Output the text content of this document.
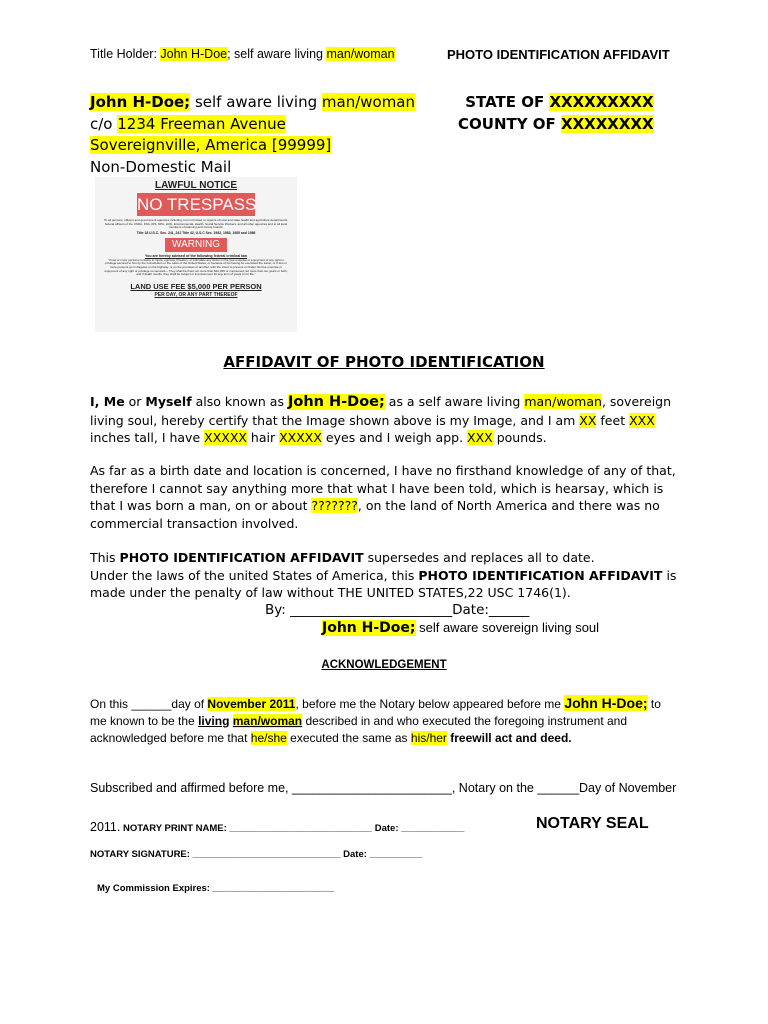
Title Holder: John H-Doe; self aware living man/woman	PHOTO IDENTIFICATION AFFIDAVIT
John H-Doe; self aware living man/woman
c/o 1234 Freeman Avenue
Sovereignville, America [99999]
Non-Domestic Mail
STATE OF XXXXXXXXX
COUNTY OF XXXXXXXX
LAWFUL NOTICE
NO TRESPASS
To all persons, officers and government agencies including, but not limited to: Agents of local and state health and agriculture departments, federal officers of the USDA, FDA, IRS, NPA, HUD, Environmental, Health, Social Service Workers, and all other agencies and to all local members of planning and zoning boards:
Title 18 U.S.C. Sec. 241, 242 Title 42, U.S.C Sec. 1982, 1983, 1985 and 1986
WARNING
You are hereby advised of the following federal criminal law
"If two or more persons conspire to injure, oppress, threaten, or intimidate any citizen in the free exercise or enjoyment of any right or privilege secured to him by the Constitution or the Laws of the United States, or because of his having so exercised the same; or If two or more persons go in disguise on the highway, or on the premises of another, with the intent to prevent or hinder his free exercise or enjoyment of any right or privilege so secured— They shall be fined not more than $10,000 or imprisoned not more than ten years or both; and if death results, they shall be subject or imprisonment for any term of years or for life."
LAND USE FEE $5,000 PER PERSON
PER DAY, OR ANY PART THEREOF
AFFIDAVIT OF PHOTO IDENTIFICATION
I, Me or Myself also known as John H-Doe; as a self aware living man/woman, sovereign living soul, hereby certify that the Image shown above is my Image, and I am XX feet XXX inches tall, I have XXXXX hair XXXXX eyes and I weigh app. XXX pounds.
As far as a birth date and location is concerned, I have no firsthand knowledge of any of that, therefore I cannot say anything more that what I have been told, which is hearsay, which is that I was born a man, on or about ???????, on the land of North America and there was no commercial transaction involved.
This PHOTO IDENTIFICATION AFFIDAVIT supersedes and replaces all to date.
Under the laws of the united States of America, this PHOTO IDENTIFICATION AFFIDAVIT is made under the penalty of law without THE UNITED STATES,22 USC 1746(1).
By: ________________________Date:______
John H-Doe; self aware sovereign living soul
ACKNOWLEDGEMENT
On this ______day of November 2011, before me the Notary below appeared before me John H-Doe; to me known to be the living man/woman described in and who executed the foregoing instrument and acknowledged before me that he/she executed the same as his/her freewill act and deed.
Subscribed and affirmed before me, _______________________, Notary on the ______Day of November
2011. NOTARY PRINT NAME: ___________________________ Date: ____________	NOTARY SEAL
NOTARY SIGNATURE: ____________________________ Date: __________
My Commission Expires: _______________________
